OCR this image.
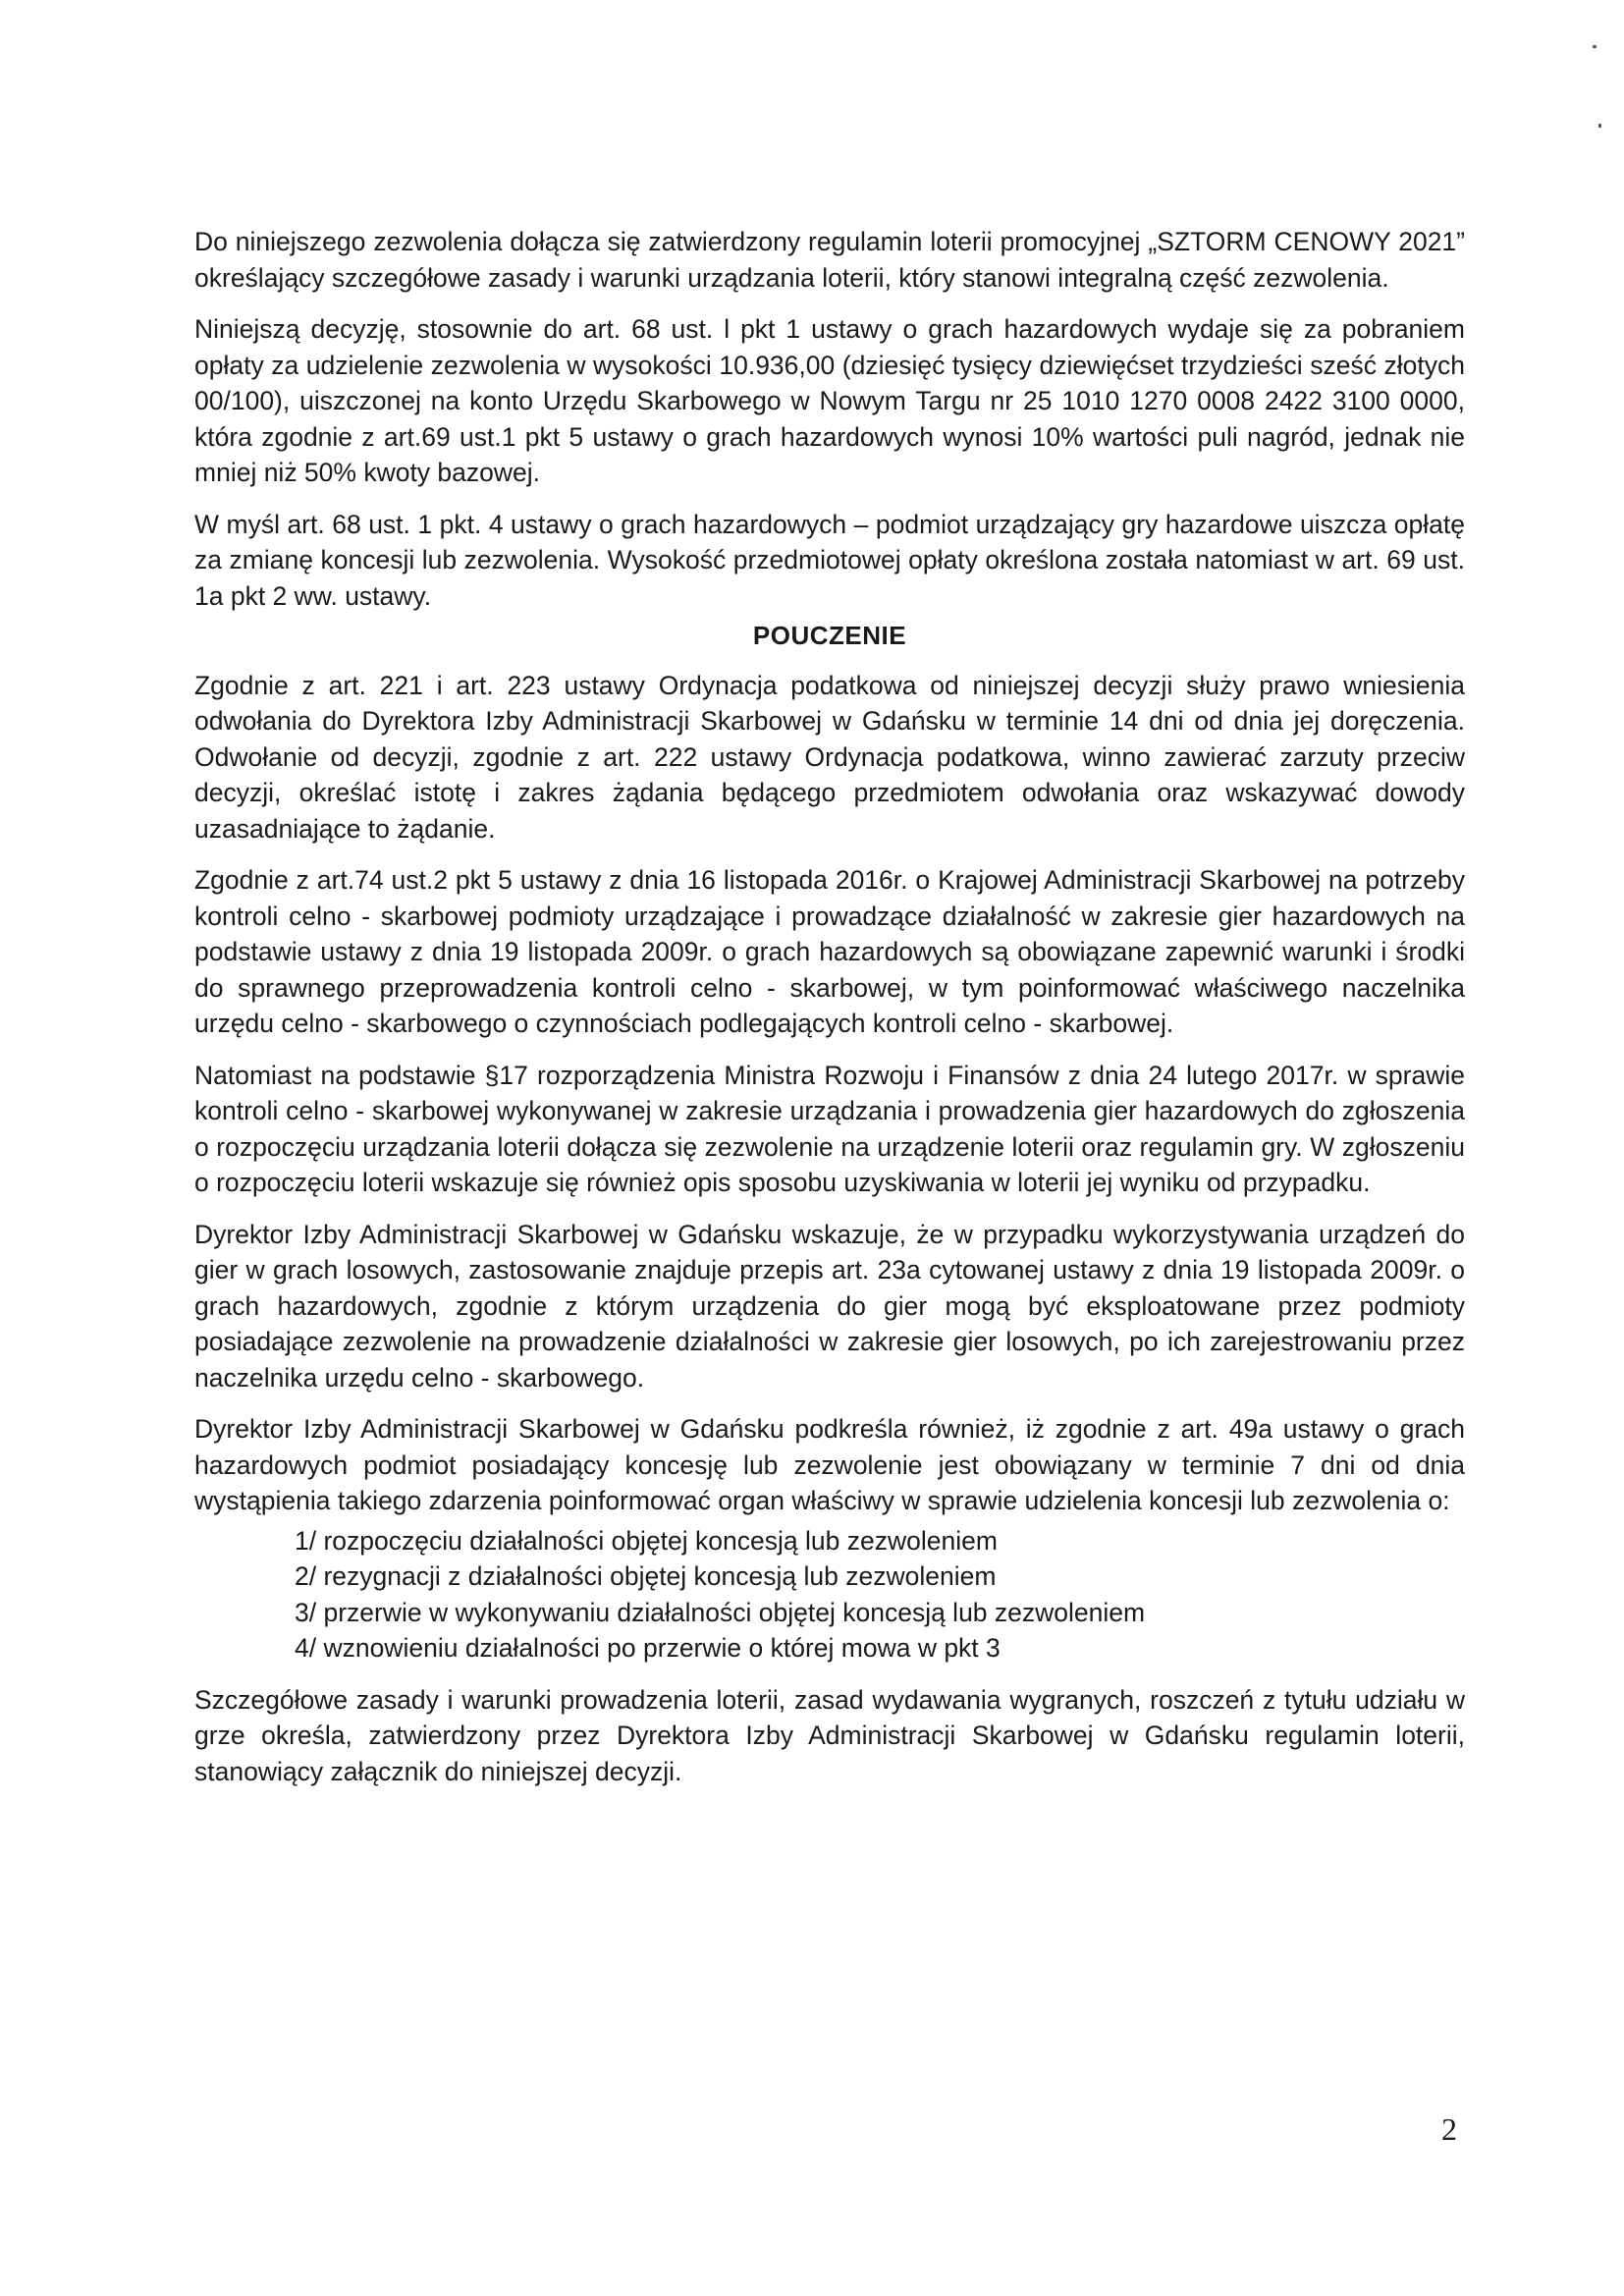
Do niniejszego zezwolenia dołącza się zatwierdzony regulamin loterii promocyjnej „SZTORM CENOWY 2021” określający szczegółowe zasady i warunki urządzania loterii, który stanowi integralną część zezwolenia.

Niniejszą decyzję, stosownie do art. 68 ust. l pkt 1 ustawy o grach hazardowych wydaje się za pobraniem opłaty za udzielenie zezwolenia w wysokości 10.936,00 (dziesięć tysięcy dziewięćset trzydzieści sześć złotych 00/100), uiszczonej na konto Urzędu Skarbowego w Nowym Targu nr 25 1010 1270 0008 2422 3100 0000, która zgodnie z art.69 ust.1 pkt 5 ustawy o grach hazardowych wynosi 10% wartości puli nagród, jednak nie mniej niż 50% kwoty bazowej.

W myśl art. 68 ust. 1 pkt. 4 ustawy o grach hazardowych – podmiot urządzający gry hazardowe uiszcza opłatę za zmianę koncesji lub zezwolenia. Wysokość przedmiotowej opłaty określona została natomiast w art. 69 ust. 1a pkt 2 ww. ustawy.

POUCZENIE

Zgodnie z art. 221 i art. 223 ustawy Ordynacja podatkowa od niniejszej decyzji służy prawo wniesienia odwołania do Dyrektora Izby Administracji Skarbowej w Gdańsku w terminie 14 dni od dnia jej doręczenia. Odwołanie od decyzji, zgodnie z art. 222 ustawy Ordynacja podatkowa, winno zawierać zarzuty przeciw decyzji, określać istotę i zakres żądania będącego przedmiotem odwołania oraz wskazywać dowody uzasadniające to żądanie.

Zgodnie z art.74 ust.2 pkt 5 ustawy z dnia 16 listopada 2016r. o Krajowej Administracji Skarbowej na potrzeby kontroli celno - skarbowej podmioty urządzające i prowadzące działalność w zakresie gier hazardowych na podstawie ustawy z dnia 19 listopada 2009r. o grach hazardowych są obowiązane zapewnić warunki i środki do sprawnego przeprowadzenia kontroli celno - skarbowej, w tym poinformować właściwego naczelnika urzędu celno - skarbowego o czynnościach podlegających kontroli celno - skarbowej.

Natomiast na podstawie §17 rozporządzenia Ministra Rozwoju i Finansów z dnia 24 lutego 2017r. w sprawie kontroli celno - skarbowej wykonywanej w zakresie urządzania i prowadzenia gier hazardowych do zgłoszenia o rozpoczęciu urządzania loterii dołącza się zezwolenie na urządzenie loterii oraz regulamin gry. W zgłoszeniu o rozpoczęciu loterii wskazuje się również opis sposobu uzyskiwania w loterii jej wyniku od przypadku.

Dyrektor Izby Administracji Skarbowej w Gdańsku wskazuje, że w przypadku wykorzystywania urządzeń do gier w grach losowych, zastosowanie znajduje przepis art. 23a cytowanej ustawy z dnia 19 listopada 2009r. o grach hazardowych, zgodnie z którym urządzenia do gier mogą być eksploatowane przez podmioty posiadające zezwolenie na prowadzenie działalności w zakresie gier losowych, po ich zarejestrowaniu przez naczelnika urzędu celno - skarbowego.

Dyrektor Izby Administracji Skarbowej w Gdańsku podkreśla również, iż zgodnie z art. 49a ustawy o grach hazardowych podmiot posiadający koncesję lub zezwolenie jest obowiązany w terminie 7 dni od dnia wystąpienia takiego zdarzenia poinformować organ właściwy w sprawie udzielenia koncesji lub zezwolenia o:

1/ rozpoczęciu działalności objętej koncesją lub zezwoleniem
2/ rezygnacji z działalności objętej koncesją lub zezwoleniem
3/ przerwie w wykonywaniu działalności objętej koncesją lub zezwoleniem
4/ wznowieniu działalności po przerwie o której mowa w pkt 3

Szczegółowe zasady i warunki prowadzenia loterii, zasad wydawania wygranych, roszczeń z tytułu udziału w grze określa, zatwierdzony przez Dyrektora Izby Administracji Skarbowej w Gdańsku regulamin loterii, stanowiący załącznik do niniejszej decyzji.

2
